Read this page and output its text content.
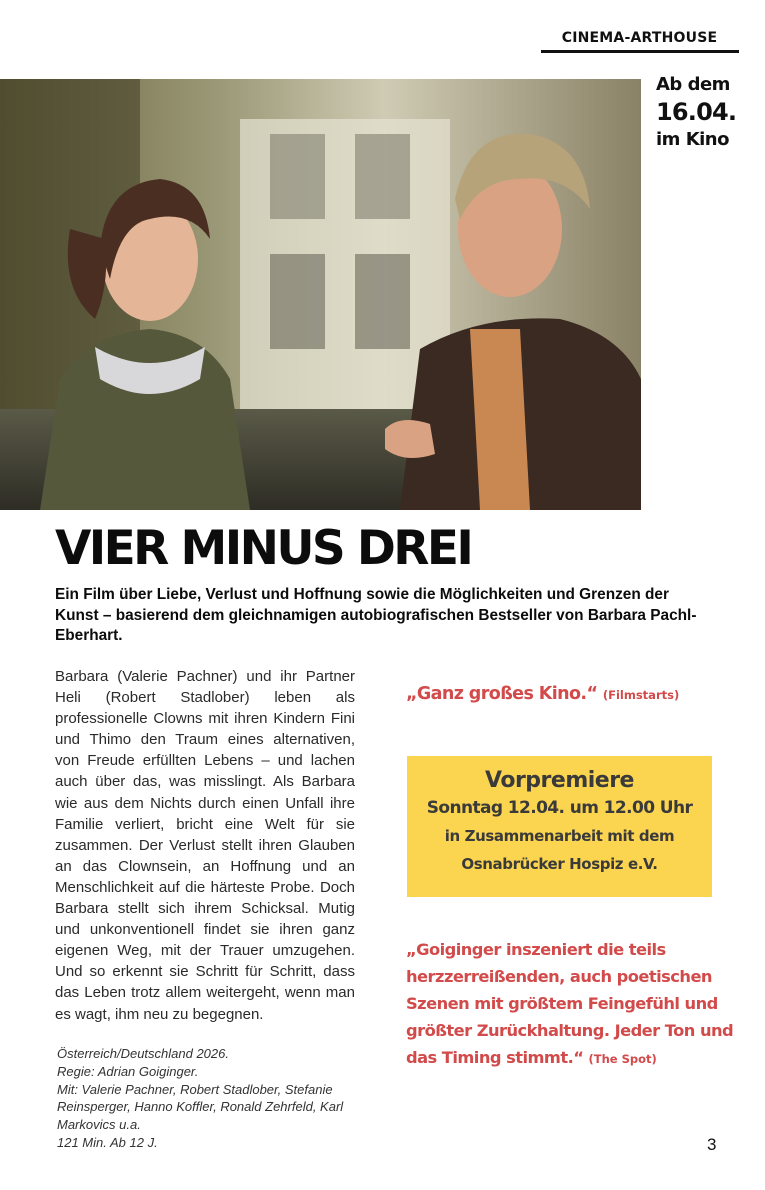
CINEMA-ARTHOUSE
Ab dem
16.04.
im Kino
VIER MINUS DREI

Ein Film über Liebe, Verlust und Hoffnung sowie die Möglichkeiten und Grenzen der Kunst – basierend dem gleichnamigen autobiografischen Bestseller von Barbara Pachl-Eberhart.

Barbara (Valerie Pachner) und ihr Partner Heli (Robert Stadlober) leben als professionelle Clowns mit ihren Kindern Fini und Thimo den Traum eines alternativen, von Freude erfüllten Lebens – und lachen auch über das, was misslingt. Als Barbara wie aus dem Nichts durch einen Unfall ihre Familie verliert, bricht eine Welt für sie zusammen. Der Verlust stellt ihren Glauben an das Clownsein, an Hoffnung und an Menschlichkeit auf die härteste Probe. Doch Barbara stellt sich ihrem Schicksal. Mutig und unkonventionell findet sie ihren ganz eigenen Weg, mit der Trauer umzugehen. Und so erkennt sie Schritt für Schritt, dass das Leben trotz allem weitergeht, wenn man es wagt, ihm neu zu begegnen.

Österreich/Deutschland 2026.
Regie: Adrian Goiginger.
Mit: Valerie Pachner, Robert Stadlober, Stefanie Reinsperger, Hanno Koffler, Ronald Zehrfeld, Karl Markovics u.a.
121 Min. Ab 12 J.
„Ganz großes Kino.“ (Filmstarts)
Vorpremiere
Sonntag 12.04. um 12.00 Uhr
in Zusammenarbeit mit dem
Osnabrücker Hospiz e.V.
„Goiginger inszeniert die teils herzzerreißenden, auch poetischen Szenen mit größtem Feingefühl und größter Zurückhaltung. Jeder Ton und das Timing stimmt.“ (The Spot)
3
